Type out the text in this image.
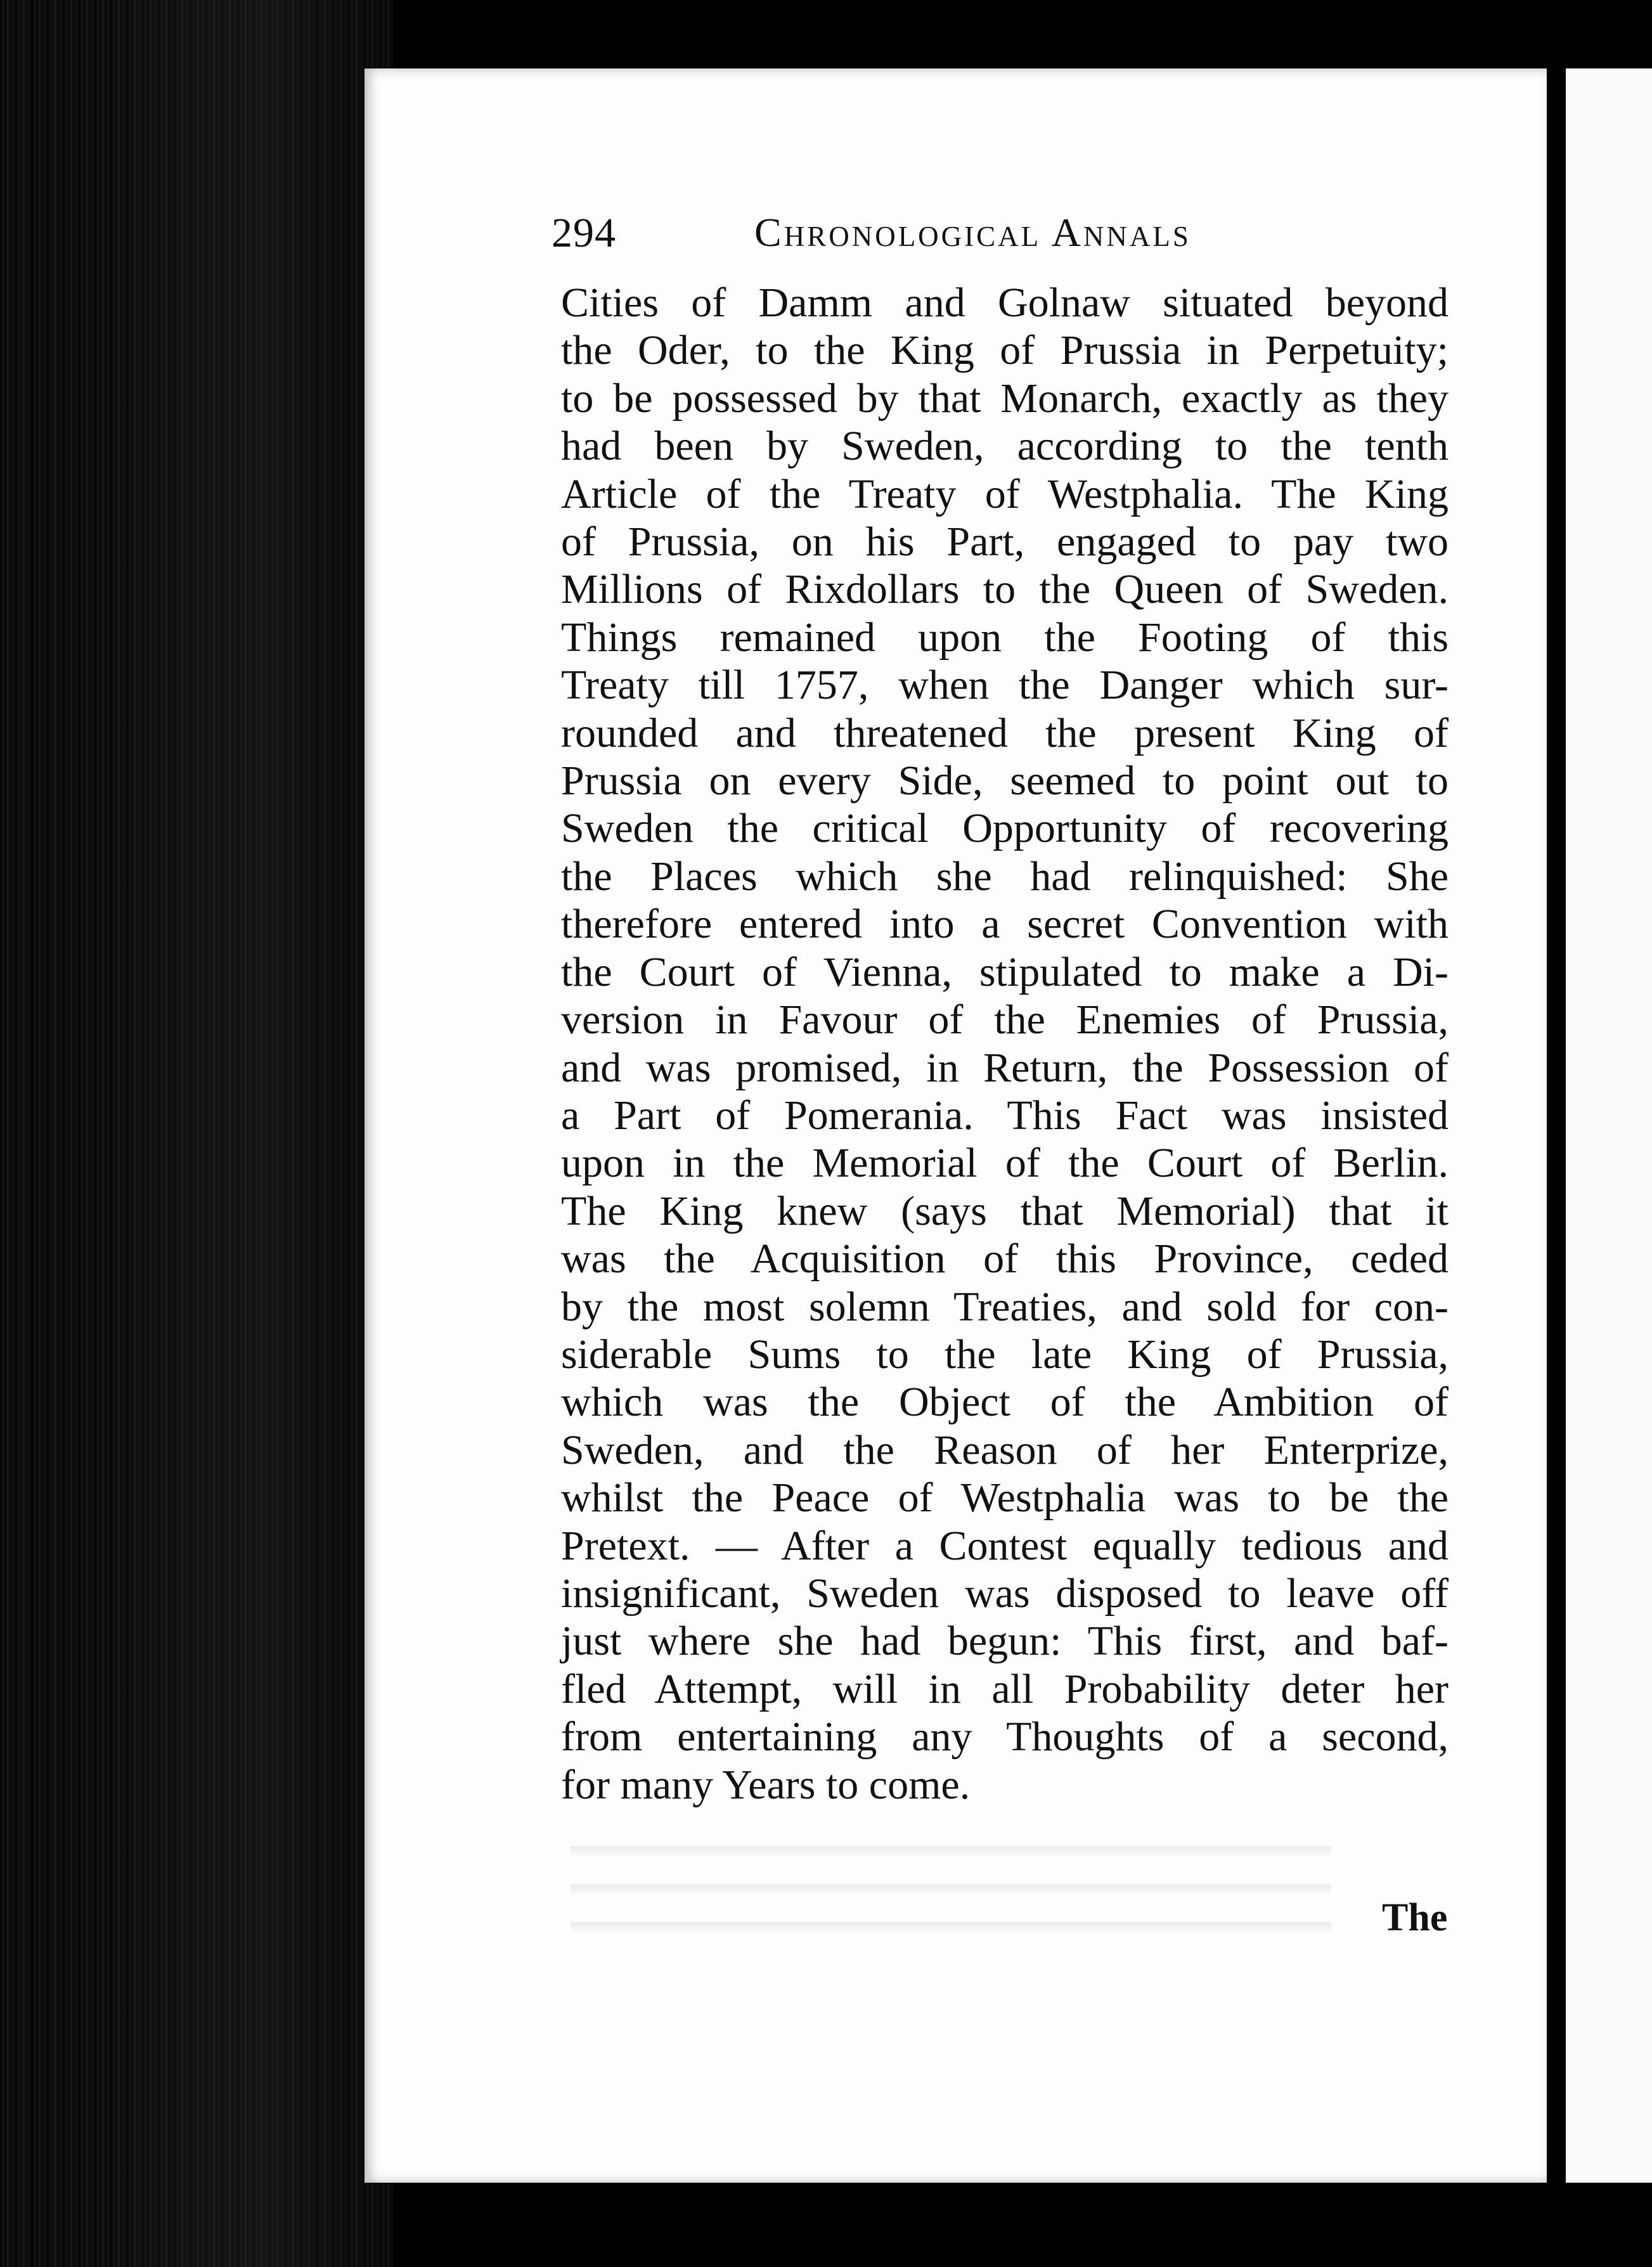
294	Chronological Annals
Cities of Damm and Golnaw situated beyond
the Oder, to the King of Prussia in Perpetuity;
to be possessed by that Monarch, exactly as they
had been by Sweden, according to the tenth
Article of the Treaty of Westphalia. The King
of Prussia, on his Part, engaged to pay two
Millions of Rixdollars to the Queen of Sweden.
Things remained upon the Footing of this
Treaty till 1757, when the Danger which sur-
rounded and threatened the present King of
Prussia on every Side, seemed to point out to
Sweden the critical Opportunity of recovering
the Places which she had relinquished: She
therefore entered into a secret Convention with
the Court of Vienna, stipulated to make a Di-
version in Favour of the Enemies of Prussia,
and was promised, in Return, the Possession of
a Part of Pomerania. This Fact was insisted
upon in the Memorial of the Court of Berlin.
The King knew (says that Memorial) that it
was the Acquisition of this Province, ceded
by the most solemn Treaties, and sold for con-
siderable Sums to the late King of Prussia,
which was the Object of the Ambition of
Sweden, and the Reason of her Enterprize,
whilst the Peace of Westphalia was to be the
Pretext. — After a Contest equally tedious and
insignificant, Sweden was disposed to leave off
just where she had begun: This first, and baf-
fled Attempt, will in all Probability deter her
from entertaining any Thoughts of a second,
for many Years to come.
The
